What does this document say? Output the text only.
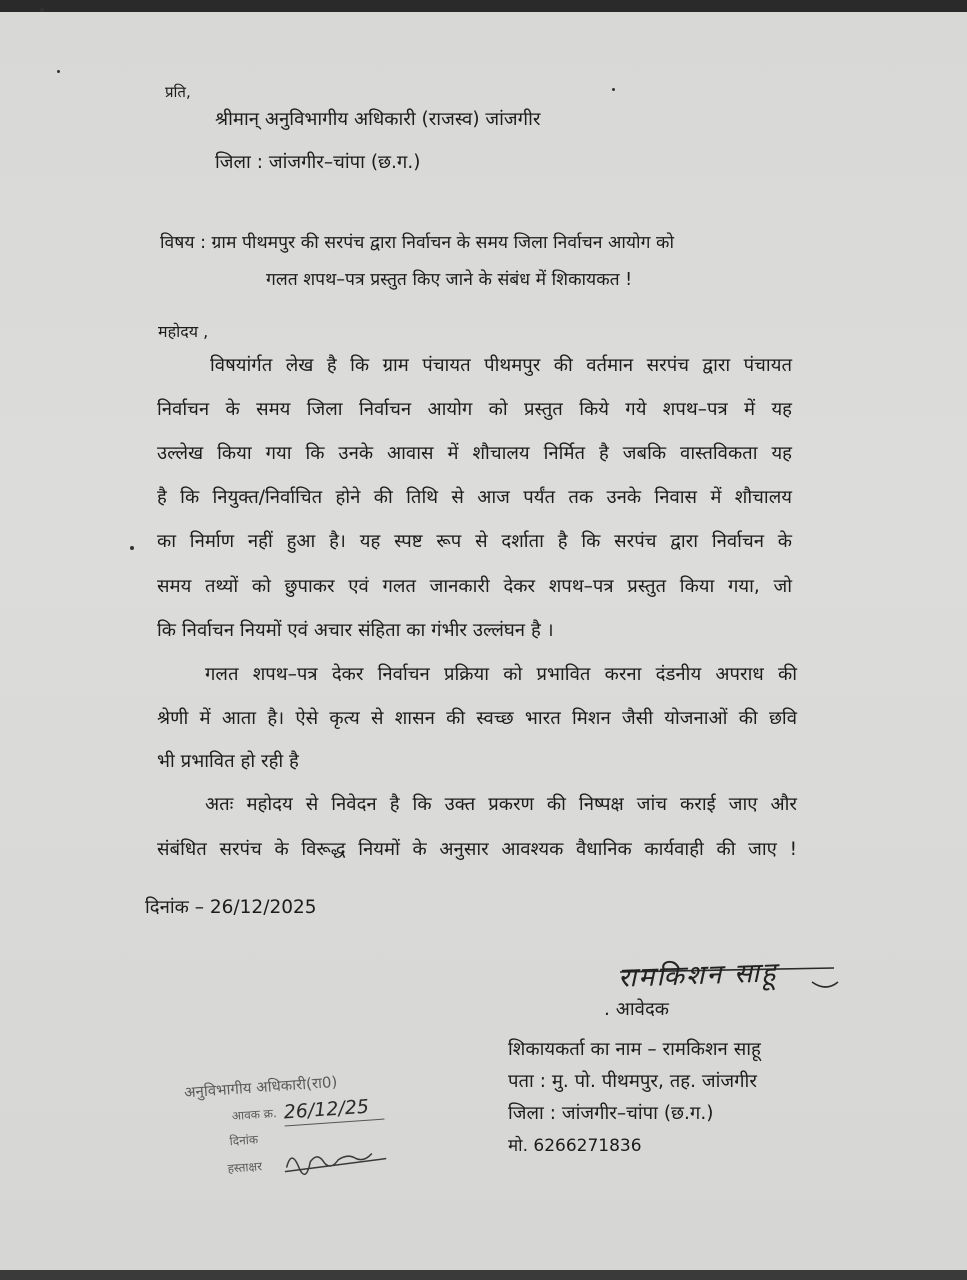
प्रति,
श्रीमान् अनुविभागीय अधिकारी (राजस्व) जांजगीर
जिला : जांजगीर–चांपा (छ.ग.)
विषय : ग्राम पीथमपुर की सरपंच द्वारा निर्वाचन के समय जिला निर्वाचन आयोग को
गलत शपथ–पत्र प्रस्तुत किए जाने के संबंध में शिकायकत !
महोदय ,
विषयांर्गत लेख है कि ग्राम पंचायत पीथमपुर की वर्तमान सरपंच द्वारा पंचायत
निर्वाचन के समय जिला निर्वाचन आयोग को प्रस्तुत किये गये शपथ–पत्र में यह
उल्लेख किया गया कि उनके आवास में शौचालय निर्मित है जबकि वास्तविकता यह
है कि नियुक्त/निर्वाचित होने की तिथि से आज पर्यंत तक उनके निवास में शौचालय
का निर्माण नहीं हुआ है। यह स्पष्ट रूप से दर्शाता है कि सरपंच द्वारा निर्वाचन के
समय तथ्यों को छुपाकर एवं गलत जानकारी देकर शपथ–पत्र प्रस्तुत किया गया, जो
कि निर्वाचन नियमों एवं अचार संहिता का गंभीर उल्लंघन है ।
गलत शपथ–पत्र देकर निर्वाचन प्रक्रिया को प्रभावित करना दंडनीय अपराध की
श्रेणी में आता है। ऐसे कृत्य से शासन की स्वच्छ भारत मिशन जैसी योजनाओं की छवि
भी प्रभावित हो रही है
अतः महोदय से निवेदन है कि उक्त प्रकरण की निष्पक्ष जांच कराई जाए और
संबंधित सरपंच के विरूद्ध नियमों के अनुसार आवश्यक वैधानिक कार्यवाही की जाए !
दिनांक – 26/12/2025
रामकिशन साहू
. आवेदक
शिकायकर्ता का नाम – रामकिशन साहू
पता : मु. पो. पीथमपुर, तह. जांजगीर
जिला : जांजगीर–चांपा (छ.ग.)
मो. 6266271836
अनुविभागीय अधिकारी(रा0)
आवक क्र. 26/12/25
दिनांक
हस्ताक्षर
